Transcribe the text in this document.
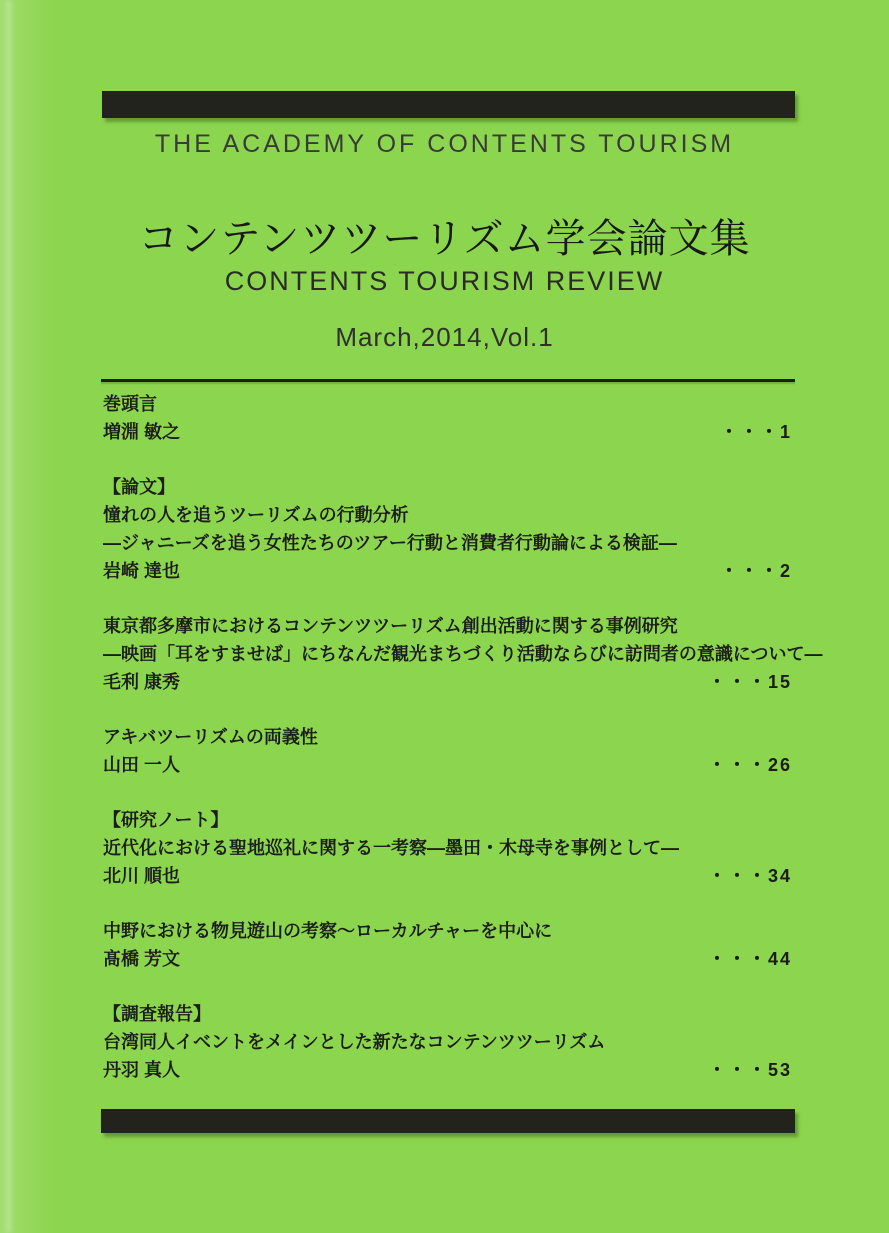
THE ACADEMY OF CONTENTS TOURISM
コンテンツツーリズム学会論文集
CONTENTS TOURISM REVIEW
March,2014,Vol.1
巻頭言
増淵 敏之	・・・1
【論文】
憧れの人を追うツーリズムの行動分析
―ジャニーズを追う女性たちのツアー行動と消費者行動論による検証―
岩崎 達也	・・・2
東京都多摩市におけるコンテンツツーリズム創出活動に関する事例研究
―映画「耳をすませば」にちなんだ観光まちづくり活動ならびに訪問者の意識について―
毛利 康秀	・・・15
アキバツーリズムの両義性
山田 一人	・・・26
【研究ノート】
近代化における聖地巡礼に関する一考察―墨田・木母寺を事例として―
北川 順也	・・・34
中野における物見遊山の考察～ローカルチャーを中心に
髙橋 芳文	・・・44
【調査報告】
台湾同人イベントをメインとした新たなコンテンツツーリズム
丹羽 真人	・・・53
